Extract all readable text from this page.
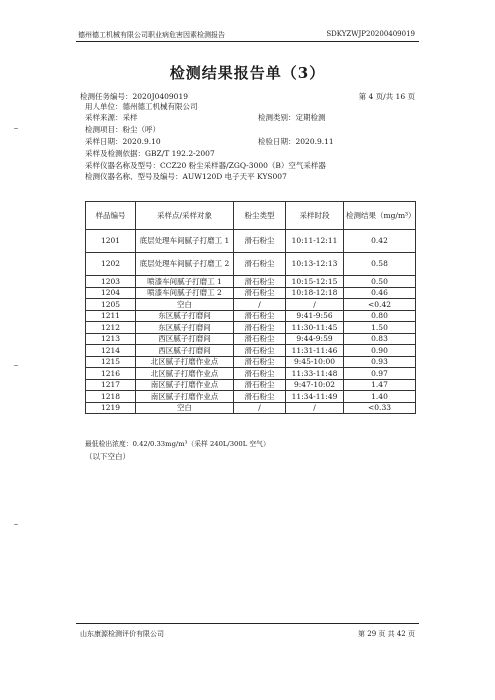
德州德工机械有限公司职业病危害因素检测报告	SDKYZWJP20200409019
检测结果报告单（3）
检测任务编号：2020J0409019	第 4 页/共 16 页
用人单位：德州德工机械有限公司
采样来源：采样	检测类别：定期检测
检测项目：粉尘（呼）
采样日期：2020.9.10	检验日期：2020.9.11
采样及检测依据：GBZ/T 192.2-2007
采样仪器名称及型号：CCZ20 粉尘采样器/ZGQ-3000（B）空气采样器
检测仪器名称、型号及编号：AUW120D 电子天平 KYS007
样品编号	采样点/采样对象	粉尘类型	采样时段	检测结果（mg/m³）
1201	底层处理车间腻子打磨工 1	滑石粉尘	10:11-12:11	0.42
1202	底层处理车间腻子打磨工 2	滑石粉尘	10:13-12:13	0.58
1203	喷漆车间腻子打磨工 1	滑石粉尘	10:15-12:15	0.50
1204	喷漆车间腻子打磨工 2	滑石粉尘	10:18-12:18	0.46
1205	空白	/	/	<0.42
1211	东区腻子打磨间	滑石粉尘	9:41-9:56	0.80
1212	东区腻子打磨间	滑石粉尘	11:30-11:45	1.50
1213	西区腻子打磨间	滑石粉尘	9:44-9:59	0.83
1214	西区腻子打磨间	滑石粉尘	11:31-11:46	0.90
1215	北区腻子打磨作业点	滑石粉尘	9:45-10:00	0.93
1216	北区腻子打磨作业点	滑石粉尘	11:33-11:48	0.97
1217	南区腻子打磨作业点	滑石粉尘	9:47-10:02	1.47
1218	南区腻子打磨作业点	滑石粉尘	11:34-11:49	1.40
1219	空白	/	/	<0.33
最低检出浓度：0.42/0.33mg/m³（采样 240L/300L 空气）
（以下空白）
山东康源检测评价有限公司	第 29 页 共 42 页
